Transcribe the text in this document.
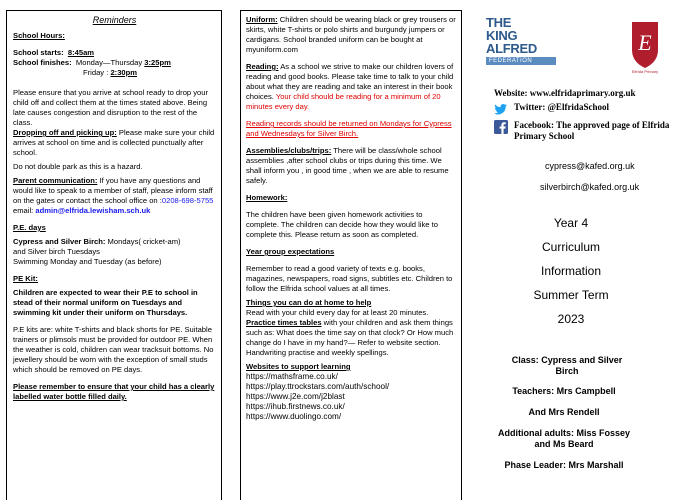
Reminders

School Hours:

School starts: 8:45am

School finishes: Monday—Thursday 3:25pm

Friday : 2:30pm

Please ensure that you arrive at school ready to drop your child off and collect them at the times stated above. Being late causes congestion and disruption to the rest of the class.

Dropping off and picking up: Please make sure your child arrives at school on time and is collected punctually after school.

Do not double park as this is a hazard.

Parent communication: If you have any questions and would like to speak to a member of staff, please inform staff on the gates or contact the school office on :0208-698-5755

email: admin@elfrida.lewisham.sch.uk

P.E. days

Cypress and Silver Birch: Mondays( cricket-am)

and Silver birch Tuesdays

Swimming Monday and Tuesday (as before)

PE Kit:

Children are expected to wear their P.E to school in stead of their normal uniform on Tuesdays and swimming kit under their uniform on Thursdays.

P.E kits are: white T-shirts and black shorts for PE. Suitable trainers or plimsols must be provided for outdoor PE. When the weather is cold, children can wear tracksuit bottoms. No jewellery should be worn with the exception of small studs which should be removed on PE days.

Please remember to ensure that your child has a clearly labelled water bottle filled daily.

Uniform: Children should be wearing black or grey trousers or skirts, white T-shirts or polo shirts and burgundy jumpers or cardigans. School branded uniform can be bought at myuniform.com

Reading: As a school we strive to make our children lovers of reading and good books. Please take time to talk to your child about what they are reading and take an interest in their book choices. Your child should be reading for a minimum of 20 minutes every day.

Reading records should be returned on Mondays for Cypress and Wednesdays for Silver Birch.

Assemblies/clubs/trips: There will be class/whole school assemblies ,after school clubs or trips during this time. We shall inform you , in good time , when we are able to resume safely.

Homework:

The children have been given homework activities to complete. The children can decide how they would like to complete this. Please return as soon as completed.

Year group expectations

Remember to read a good variety of texts e.g. books, magazines, newspapers, road signs, subtitles etc. Children to follow the Elfrida school values at all times.

Things you can do at home to help

Read with your child every day for at least 20 minutes. Practice times tables with your children and ask them things such as: What does the time say on that clock? Or How much change do I have in my hand?— Refer to website section. Handwriting practise and weekly spellings.

Websites to support learning

https://mathsframe.co.uk/

https://play.ttrockstars.com/auth/school/

https://www.j2e.com/j2blast

https://ihub.firstnews.co.uk/

https://www.duolingo.com/

THE
KING
ALFRED
FEDERATION
E
Elfrida Primary

Website: www.elfridaprimary.org.uk

Twitter: @ElfridaSchool
Facebook: The approved page of Elfrida Primary School

cypress@kafed.org.uk

silverbirch@kafed.org.uk

Year 4

Curriculum

Information

Summer Term

2023

Class: Cypress and Silver Birch

Teachers: Mrs Campbell

And Mrs Rendell

Additional adults: Miss Fossey and Ms Beard

Phase Leader: Mrs Marshall
